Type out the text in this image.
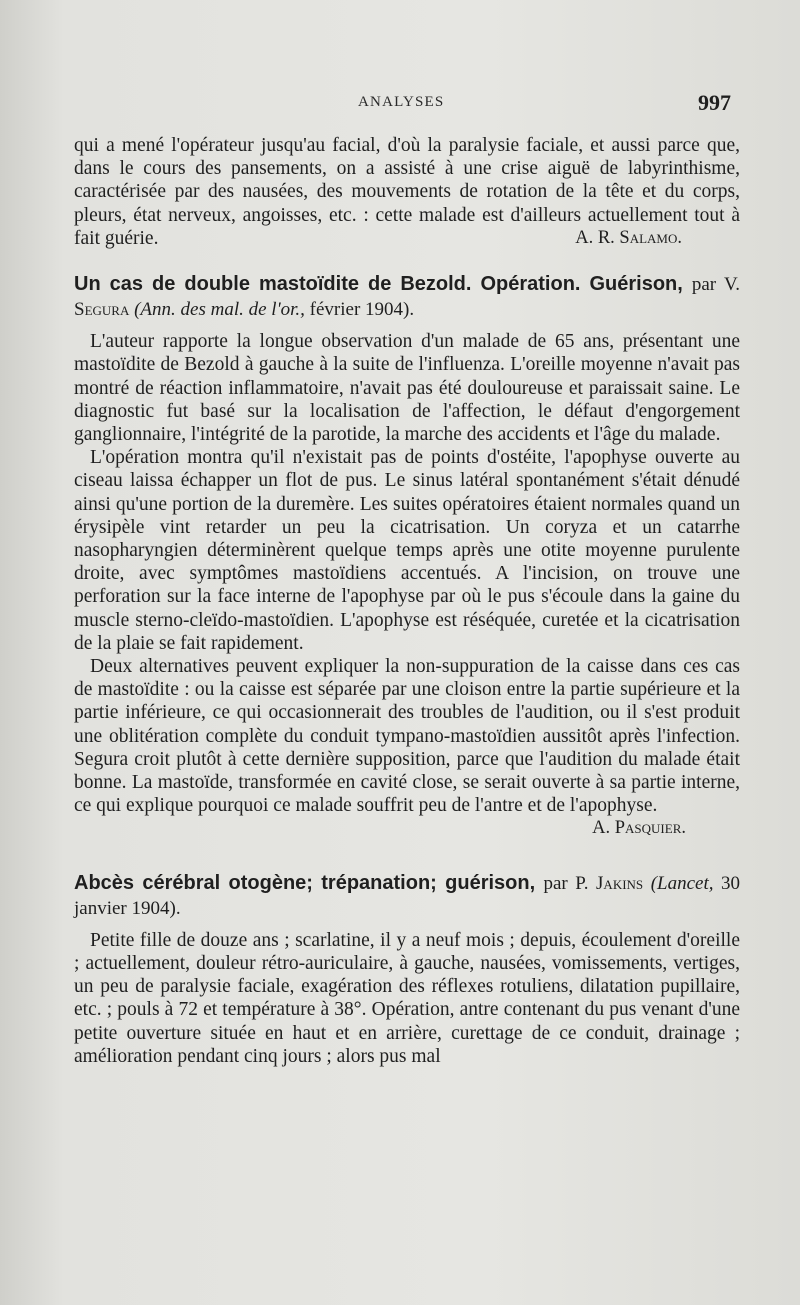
ANALYSES	997

qui a mené l'opérateur jusqu'au facial, d'où la paralysie faciale, et aussi parce que, dans le cours des pansements, on a assisté à une crise aiguë de labyrinthisme, caractérisée par des nausées, des mouvements de rotation de la tête et du corps, pleurs, état nerveux, angoisses, etc. : cette malade est d'ailleurs actuellement tout à fait guérie.	A. R. Salamo.

Un cas de double mastoïdite de Bezold. Opération. Guérison, par V. Segura (Ann. des mal. de l'or., février 1904).

L'auteur rapporte la longue observation d'un malade de 65 ans, présentant une mastoïdite de Bezold à gauche à la suite de l'influenza. L'oreille moyenne n'avait pas montré de réaction inflammatoire, n'avait pas été douloureuse et paraissait saine. Le diagnostic fut basé sur la localisation de l'affection, le défaut d'engorgement ganglionnaire, l'intégrité de la parotide, la marche des accidents et l'âge du malade.

L'opération montra qu'il n'existait pas de points d'ostéite, l'apophyse ouverte au ciseau laissa échapper un flot de pus. Le sinus latéral spontanément s'était dénudé ainsi qu'une portion de la duremère. Les suites opératoires étaient normales quand un érysipèle vint retarder un peu la cicatrisation. Un coryza et un catarrhe nasopharyngien déterminèrent quelque temps après une otite moyenne purulente droite, avec symptômes mastoïdiens accentués. A l'incision, on trouve une perforation sur la face interne de l'apophyse par où le pus s'écoule dans la gaine du muscle sterno-cleïdo-mastoïdien. L'apophyse est réséquée, curetée et la cicatrisation de la plaie se fait rapidement.

Deux alternatives peuvent expliquer la non-suppuration de la caisse dans ces cas de mastoïdite : ou la caisse est séparée par une cloison entre la partie supérieure et la partie inférieure, ce qui occasionnerait des troubles de l'audition, ou il s'est produit une oblitération complète du conduit tympano-mastoïdien aussitôt après l'infection. Segura croit plutôt à cette dernière supposition, parce que l'audition du malade était bonne. La mastoïde, transformée en cavité close, se serait ouverte à sa partie interne, ce qui explique pourquoi ce malade souffrit peu de l'antre et de l'apophyse.

A. Pasquier.

Abcès cérébral otogène; trépanation; guérison, par P. Jakins (Lancet, 30 janvier 1904).

Petite fille de douze ans ; scarlatine, il y a neuf mois ; depuis, écoulement d'oreille ; actuellement, douleur rétro-auriculaire, à gauche, nausées, vomissements, vertiges, un peu de paralysie faciale, exagération des réflexes rotuliens, dilatation pupillaire, etc. ; pouls à 72 et température à 38°. Opération, antre contenant du pus venant d'une petite ouverture située en haut et en arrière, curettage de ce conduit, drainage ; amélioration pendant cinq jours ; alors pus mal
